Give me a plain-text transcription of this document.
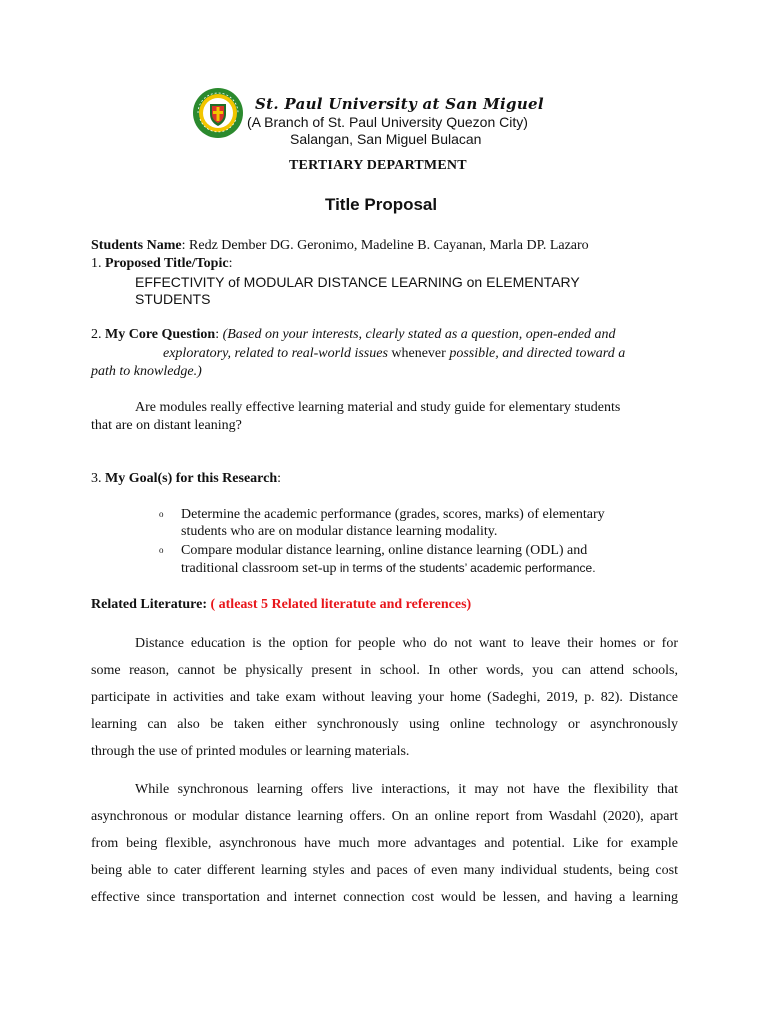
St. Paul University at San Miguel
(A Branch of St. Paul University Quezon City)
Salangan, San Miguel Bulacan
TERTIARY DEPARTMENT
Title Proposal
Students Name: Redz Dember DG. Geronimo, Madeline B. Cayanan, Marla DP. Lazaro
1. Proposed Title/Topic:
EFFECTIVITY of MODULAR DISTANCE LEARNING on ELEMENTARY
STUDENTS
2. My Core Question: (Based on your interests, clearly stated as a question, open-ended and
exploratory, related to real-world issues whenever possible, and directed toward a
path to knowledge.)
Are modules really effective learning material and study guide for elementary students
that are on distant leaning?
3. My Goal(s) for this Research:
o Determine the academic performance (grades, scores, marks) of elementary
students who are on modular distance learning modality.
o Compare modular distance learning, online distance learning (ODL) and
traditional classroom set-up in terms of the students’ academic performance.
Related Literature: ( atleast 5 Related literatute and references)
Distance education is the option for people who do not want to leave their homes or for
some reason, cannot be physically present in school. In other words, you can attend schools,
participate in activities and take exam without leaving your home (Sadeghi, 2019, p. 82). Distance
learning can also be taken either synchronously using online technology or asynchronously
through the use of printed modules or learning materials.
While synchronous learning offers live interactions, it may not have the flexibility that
asynchronous or modular distance learning offers. On an online report from Wasdahl (2020), apart
from being flexible, asynchronous have much more advantages and potential. Like for example
being able to cater different learning styles and paces of even many individual students, being cost
effective since transportation and internet connection cost would be lessen, and having a learning
